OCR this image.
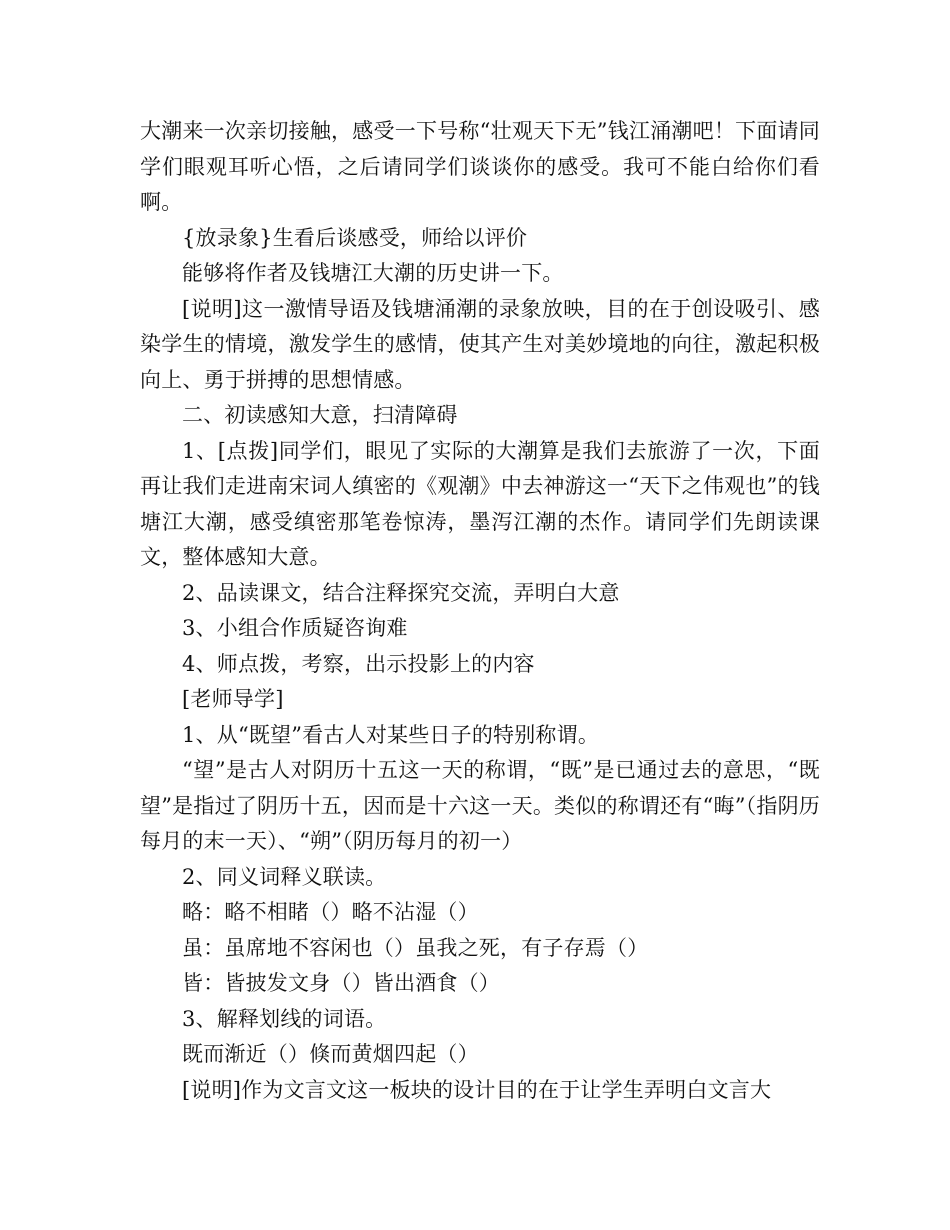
大潮来一次亲切接触，感受一下号称“壮观天下无”钱江涌潮吧！下面请同学们眼观耳听心悟，之后请同学们谈谈你的感受。我可不能白给你们看啊。

{放录象}生看后谈感受，师给以评价

能够将作者及钱塘江大潮的历史讲一下。

[说明]这一激情导语及钱塘涌潮的录象放映，目的在于创设吸引、感染学生的情境，激发学生的感情，使其产生对美妙境地的向往，激起积极向上、勇于拼搏的思想情感。

二、初读感知大意，扫清障碍

1、[点拨]同学们，眼见了实际的大潮算是我们去旅游了一次，下面再让我们走进南宋词人缜密的《观潮》中去神游这一“天下之伟观也”的钱塘江大潮，感受缜密那笔卷惊涛，墨泻江潮的杰作。请同学们先朗读课文，整体感知大意。

2、品读课文，结合注释探究交流，弄明白大意

3、小组合作质疑咨询难

4、师点拨，考察，出示投影上的内容

[老师导学]

1、从“既望”看古人对某些日子的特别称谓。

“望”是古人对阴历十五这一天的称谓，“既”是已通过去的意思，“既望”是指过了阴历十五，因而是十六这一天。类似的称谓还有“晦”（指阴历每月的末一天）、“朔”（阴历每月的初一）

2、同义词释义联读。

略：略不相睹（）略不沾湿（）

虽：虽席地不容闲也（）虽我之死，有子存焉（）

皆：皆披发文身（）皆出酒食（）

3、解释划线的词语。

既而渐近（）倏而黄烟四起（）

[说明]作为文言文这一板块的设计目的在于让学生弄明白文言大
